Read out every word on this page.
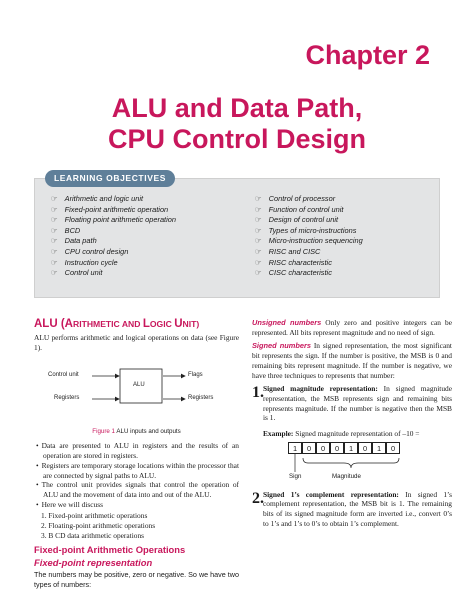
Chapter 2
ALU and Data Path,
CPU Control Design
LEARNING OBJECTIVES
☞ Arithmetic and logic unit
☞ Fixed-point arithmetic operation
☞ Floating point arithmetic operation
☞ BCD
☞ Data path
☞ CPU control design
☞ Instruction cycle
☞ Control unit
☞ Control of processor
☞ Function of control unit
☞ Design of control unit
☞ Types of micro-instructions
☞ Micro-instruction sequencing
☞ RISC and CISC
☞ RISC characteristic
☞ CISC characteristic
ALU (ARITHMETIC AND LOGIC UNIT)

ALU performs arithmetic and logical operations on data (see Figure 1).

Control unit	Flags
ALU
Registers	Registers
Figure 1 ALU inputs and outputs
• Data are presented to ALU in registers and the results of an operation are stored in registers.
• Registers are temporary storage locations within the processor that are connected by signal paths to ALU.
• The control unit provides signals that control the operation of ALU and the movement of data into and out of the ALU.
• Here we will discuss
1. Fixed-point arithmetic operations
2. Floating-point arithmetic operations
3. B CD data arithmetic operations
Fixed-point Arithmetic Operations
Fixed-point representation

The numbers may be positive, zero or negative. So we have two types of numbers:

Unsigned numbers Only zero and positive integers can be represented. All bits represent magnitude and no need of sign.

Signed numbers In signed representation, the most significant bit represents the sign. If the number is positive, the MSB is 0 and remaining bits represent magnitude. If the number is negative, we have three techniques to represents that number:

1. Signed magnitude representation: In signed magnitude representation, the MSB represents sign and remaining bits represents magnitude. If the number is negative then the MSB is 1.

Example: Signed magnitude representation of –10 =

1	0	0	0	1	0	1	0
Sign	Magnitude
2. Signed 1’s complement representation: In signed 1’s complement representation, the MSB bit is 1. The remaining bits of its signed magnitude form are inverted i.e., convert 0’s to 1’s and 1’s to 0’s to obtain 1’s complement.
